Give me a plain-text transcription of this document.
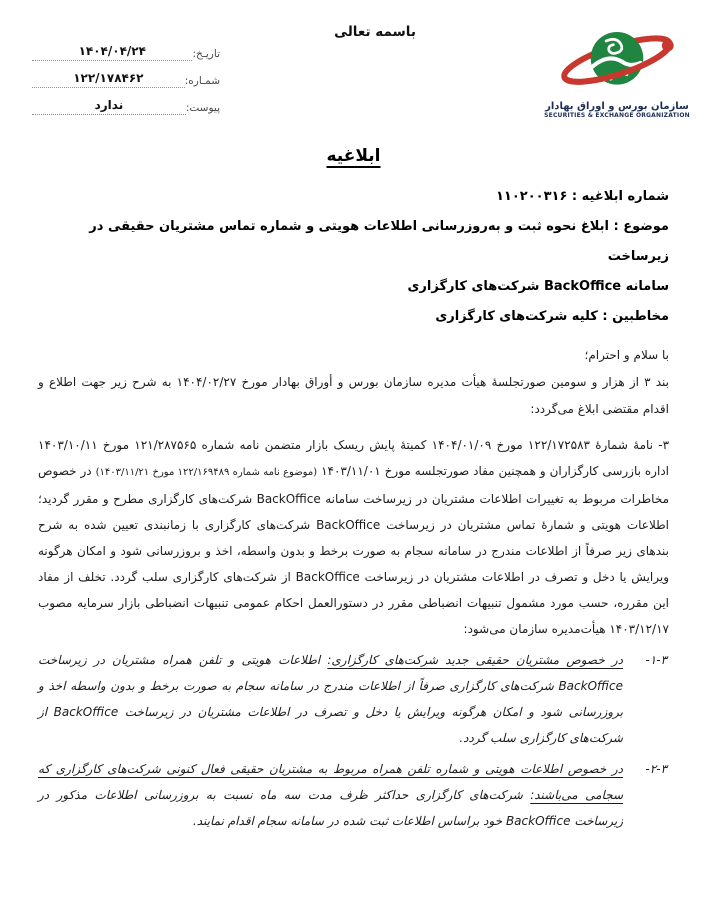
باسمه تعالی
تاریـخ:
۱۴۰۴/۰۴/۲۴
شمـاره:
۱۲۲/۱۷۸۴۶۲
پیوست:
ندارد	سازمان بورس و اوراق بهادار
SECURITIES & EXCHANGE ORGANIZATION
ابلاغیه

شماره ابلاغیه : ۱۱۰۲۰۰۳۱۶

موضوع : ابلاغ نحوه ثبت و به‌روزرسانی اطلاعات هویتی و شماره تماس مشتریان حقیقی در زیرساخت

سامانه BackOffice شرکت‌های کارگزاری

مخاطبین : کلیه شرکت‌های کارگزاری

با سلام و احترام؛

بند ۳ از هزار و سومین صورتجلسهٔ هیأت مدیره سازمان بورس و أوراق بهادار مورخ ۱۴۰۴/۰۲/۲۷ به شرح زیر جهت اطلاع و اقدام مقتضی ابلاغ می‌گردد:

۳- نامهٔ شمارهٔ ۱۲۲/۱۷۲۵۸۳ مورخ ۱۴۰۴/۰۱/۰۹ کمیتهٔ پایش ریسک بازار متضمن نامه شماره ۱۲۱/۲۸۷۵۶۵ مورخ ۱۴۰۳/۱۰/۱۱ اداره بازرسی کارگزاران و همچنین مفاد صورتجلسه مورخ ۱۴۰۳/۱۱/۰۱ (موضوع نامه شماره ۱۲۲/۱۶۹۴۸۹ مورخ ۱۴۰۳/۱۱/۲۱) در خصوص مخاطرات مربوط به تغییرات اطلاعات مشتریان در زیرساخت سامانه BackOffice شرکت‌های کارگزاری مطرح و مقرر گردید؛ اطلاعات هویتی و شمارهٔ تماس مشتریان در زیرساخت BackOffice شرکت‌های کارگزاری با زمانبندی تعیین شده به شرح بندهای زیر صرفاً از اطلاعات مندرج در سامانه سجام به صورت برخط و بدون واسطه، اخذ و بروزرسانی شود و امکان هرگونه ویرایش یا دخل و تصرف در اطلاعات مشتریان در زیرساخت BackOffice از شرکت‌های کارگزاری سلب گردد. تخلف از مفاد این مقرره، حسب مورد مشمول تنبیهات انضباطی مقرر در دستورالعمل احکام عمومی تنبیهات انضباطی بازار سرمایه مصوب ۱۴۰۳/۱۲/۱۷ هیأت‌مدیره سازمان می‌شود:

۱-۳-

در خصوص مشتریان حقیقی جدید شرکت‌های کارگزاری: اطلاعات هویتی و تلفن همراه مشتریان در زیرساخت BackOffice شرکت‌های کارگزاری صرفاً از اطلاعات مندرج در سامانه سجام به صورت برخط و بدون واسطه اخذ و بروزرسانی شود و امکان هرگونه ویرایش یا دخل و تصرف در اطلاعات مشتریان در زیرساخت BackOffice از شرکت‌های کارگزاری سلب گردد.

۲-۳-

در خصوص اطلاعات هویتی و شماره تلفن همراه مربوط به مشتریان حقیقی فعال کنونی شرکت‌های کارگزاری که سجامی می‌باشند: شرکت‌های کارگزاری حداکثر ظرف مدت سه ماه نسبت به بروزرسانی اطلاعات مذکور در زیرساخت BackOffice خود براساس اطلاعات ثبت شده در سامانه سجام اقدام نمایند.
